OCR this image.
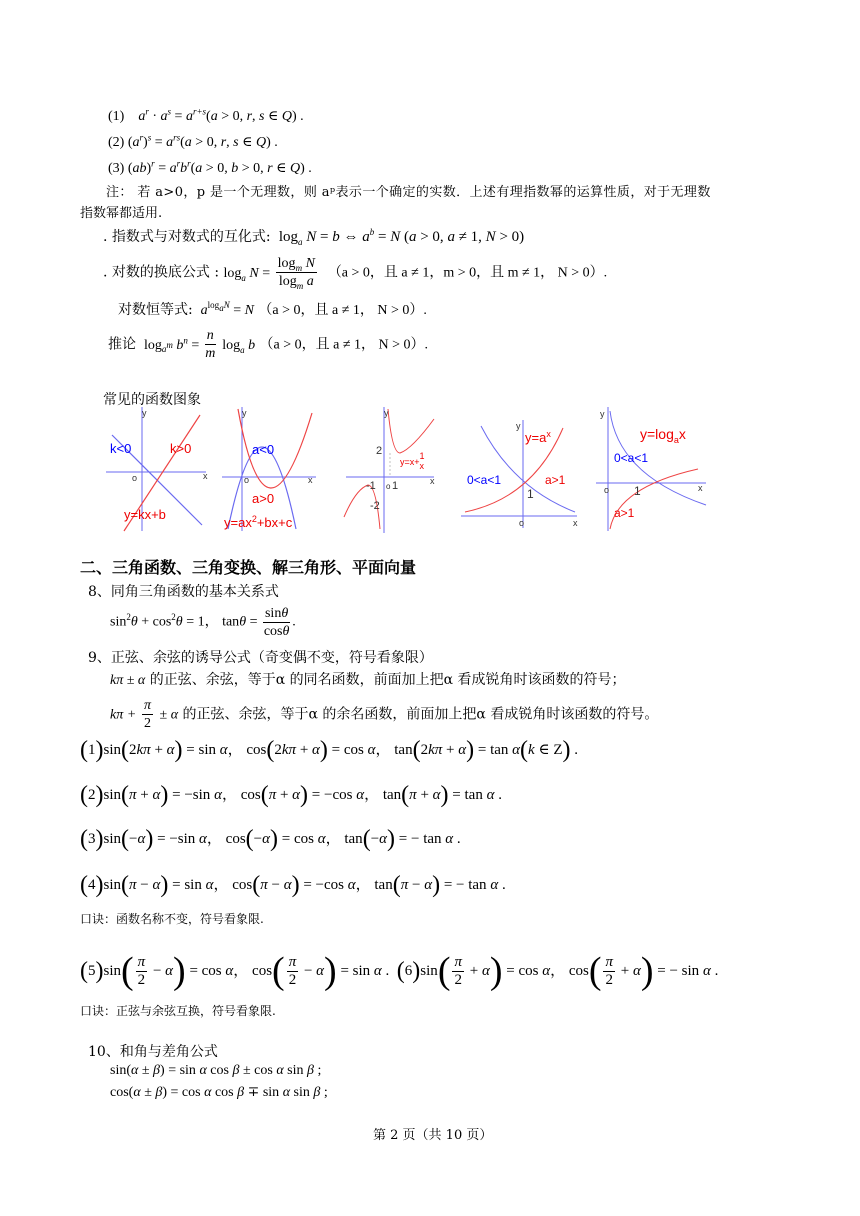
(1) $a^r \cdot a^s = a^{r+s}(a > 0$, r, s ∈ Q) .
(2) $(a^r)^s = a^{rs}(a > 0$, r, s ∈ Q) .
(3) $(ab)^r = a^rb^r(a > 0$, b > 0, r ∈ Q) .
注： 若 a>0，p 是一个无理数，则 aᵖ表示一个确定的实数．上述有理指数幂的运算性质，对于无理数
指数幂都适用.
. 指数式与对数式的互化式:  $\log_a N = b$ ⇔ $a^b = N$ (a > 0, a ≠ 1, N > 0)
. 对数的换底公式 : $\log_a N = \frac{\log_m N}{\log_m a} (a > 0$，且 a ≠ 1，m > 0，且 m ≠ 1， N > 0）.
对数恒等式: $a^{log_aN} = N$ （a > 0，且 a ≠ 1， N > 0）.
推论  $\log_{a^m} b^n = \frac{n}{m} \log_a b$ （a > 0，且 a ≠ 1， N > 0）.
常见的函数图象
y
x
o
k<0	k>0
y=kx+b
y
x
o
a<0
a>0
$y=ax^2+bx+c$
y
x
2
-2
-1 o 1
y=x+1 x
y
x
o
$y=a^x$
0<a<1	a>1
1
y
x
o
$y=\log_ax$
0<a<1
a>1
1
二、三角函数、三角变换、解三角形、平面向量
8、同角三角函数的基本关系式
$\sin^2\theta + \cos^2\theta = 1$， $\tan\theta = \frac{\sin\theta}{\cos\theta}$ .
9、正弦、余弦的诱导公式（奇变偶不变，符号看象限）
kπ ± α 的正弦、余弦，等于α 的同名函数，前面加上把α 看成锐角时该函数的符号；
$k\pi + \frac{\pi}{2} \pm \alpha$ 的正弦、余弦，等于α 的余名函数，前面加上把α 看成锐角时该函数的符号。
(1)sin(2kπ + α) = sin α， cos(2kπ + α) = cos α， tan(2kπ + α) = tan α(k ∈ Z) .
(2)sin(π + α) = −sin α， cos(π + α) = −cos α， tan(π + α) = tan α .
(3)sin(−α) = −sin α， cos(−α) = cos α， tan(−α) = − tan α .
(4)sin(π − α) = sin α， cos(π − α) = −cos α， tan(π − α) = − tan α .
口诀：函数名称不变，符号看象限.
$(5)\sin( \frac{\pi}{2} - \alpha) = \cos \alpha$， $\cos( \frac{\pi}{2} - \alpha) = \sin \alpha$ .  $(6)\sin( \frac{\pi}{2} + \alpha) = \cos \alpha$， $\cos( \frac{\pi}{2} + \alpha)$ = − sin α .
口诀：正弦与余弦互换，符号看象限.
10、和角与差角公式
sin(α ± β) = sin α cos β ± cos α sin β ;
cos(α ± β) = cos α cos β ∓ sin α sin β ;
第 2 页（共 10 页）
